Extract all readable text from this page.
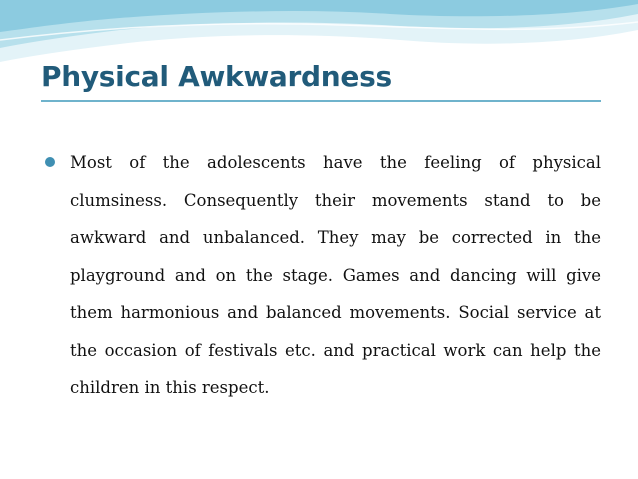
Physical Awkwardness
Most of the adolescents have the feeling of physical clumsiness. Consequently their movements stand to be awkward and unbalanced. They may be corrected in the playground and on the stage. Games and dancing will give them harmonious and balanced movements. Social service at the occasion of festivals etc. and practical work can help the children in this respect.
